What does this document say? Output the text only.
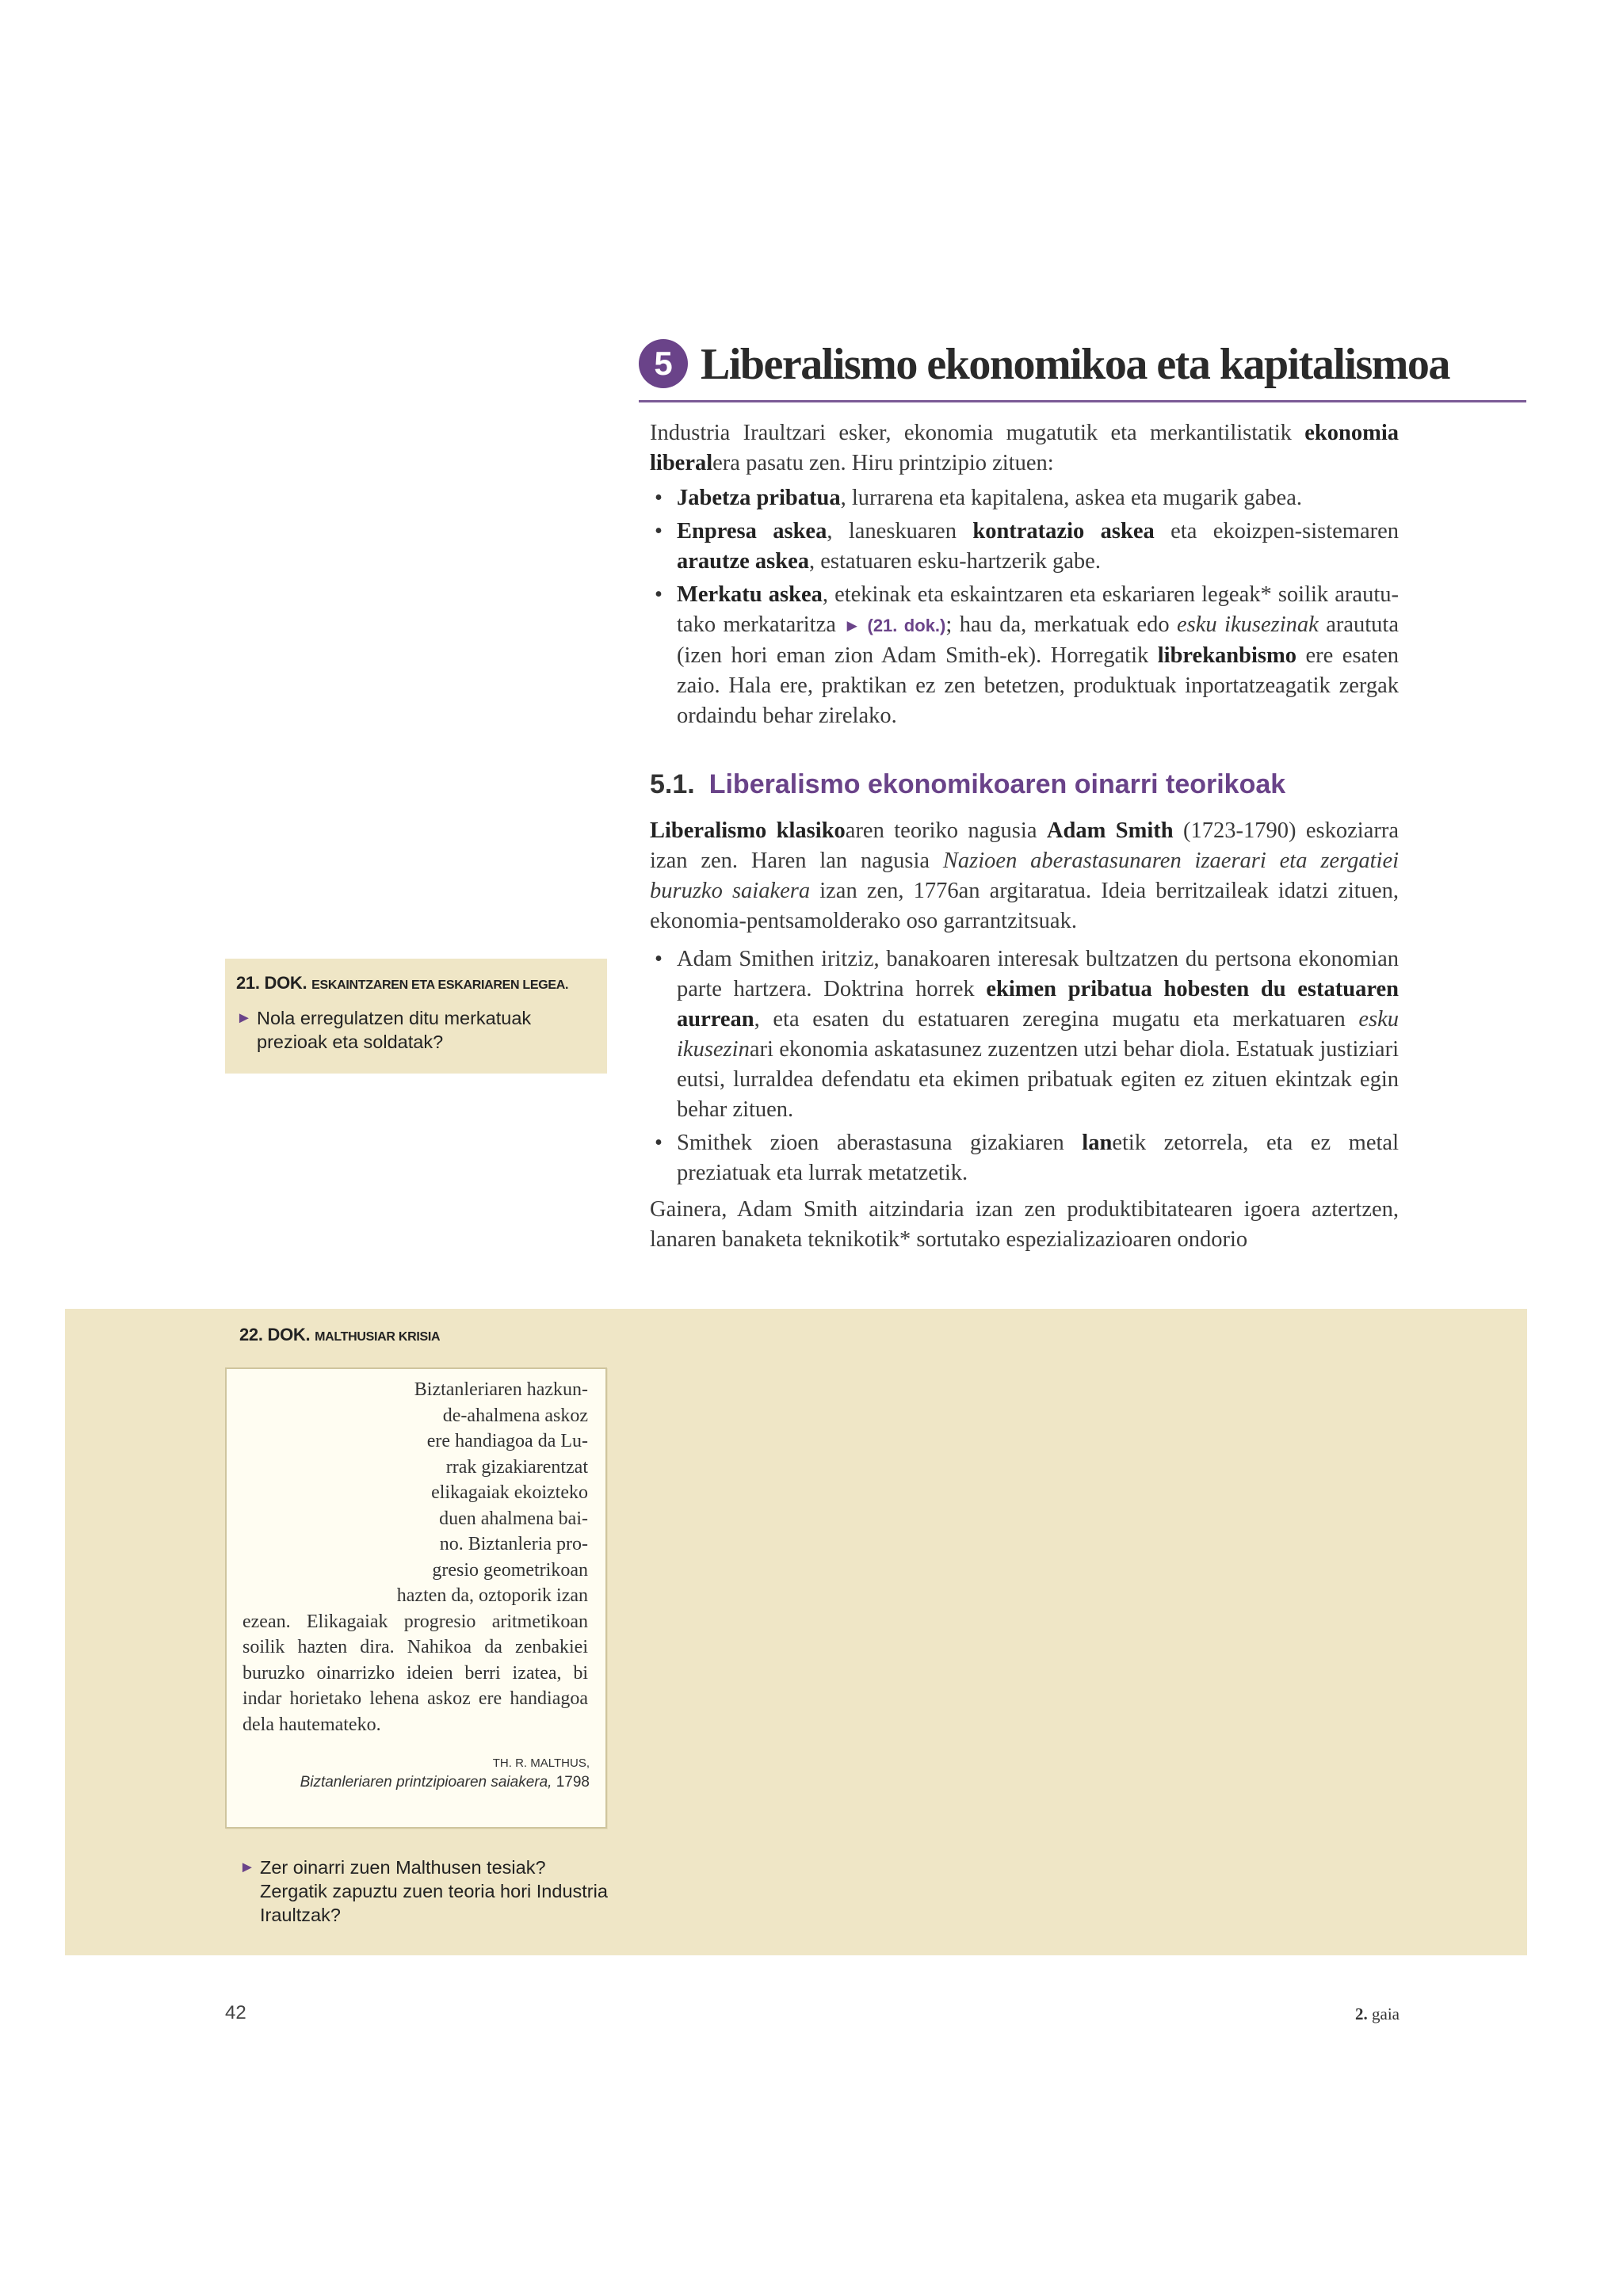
5 Liberalismo ekonomikoa eta kapitalismoa

Industria Iraultzari esker, ekonomia mugatutik eta merkantilistatik ekonomia liberalera pasatu zen. Hiru printzipio zituen:

• Jabetza pribatua, lurrarena eta kapitalena, askea eta mugarik gabea.
• Enpresa askea, laneskuaren kontratazio askea eta ekoizpen-sistemaren arautze askea, estatuaren esku-hartzerik gabe.
• Merkatu askea, etekinak eta eskaintzaren eta eskariaren legeak* soilik araututako merkataritza ► (21. dok.); hau da, merkatuak edo esku ikusezinak araututa (izen hori eman zion Adam Smith-ek). Horregatik librekanbismo ere esaten zaio. Hala ere, praktikan ez zen betetzen, produktuak inportatzeagatik zergak ordaindu behar zirelako.
5.1. Liberalismo ekonomikoaren oinarri teorikoak

Liberalismo klasikoaren teoriko nagusia Adam Smith (1723-1790) eskoziarra izan zen. Haren lan nagusia Nazioen aberastasunaren izaerari eta zergatiei buruzko saiakera izan zen, 1776an argitaratua. Ideia berritzaileak idatzi zituen, ekonomia-pentsamolderako oso garrantzitsuak.

• Adam Smithen iritziz, banakoaren interesak bultzatzen du pertsona ekonomian parte hartzera. Doktrina horrek ekimen pribatua hobesten du estatuaren aurrean, eta esaten du estatuaren zeregina mugatu eta merkatuaren esku ikusezinari ekonomia askatasunez zuzentzen utzi behar diola. Estatuak justiziari eutsi, lurraldea defendatu eta ekimen pribatuak egiten ez zituen ekintzak egin behar zituen.
• Smithek zioen aberastasuna gizakiaren lanetik zetorrela, eta ez metal preziatuak eta lurrak metatzetik.

Gainera, Adam Smith aitzindaria izan zen produktibitatearen igoera aztertzen, lanaren banaketa teknikotik* sortutako espezializazioaren ondorio

21. DOK. ESKAINTZAREN ETA ESKARIAREN LEGEA.
► Nola erregulatzen ditu merkatuak prezioak eta soldatak?
22. DOK. MALTHUSIAR KRISIA
Biztanleriaren hazkun-
de-ahalmena askoz
ere handiagoa da Lu-
rrak gizakiarentzat
elikagaiak ekoizteko
duen ahalmena bai-
no. Biztanleria pro-
gresio geometrikoan
hazten da, oztoporik izan
ezean. Elikagaiak progresio aritmetikoan soilik hazten dira. Nahikoa da zenbakiei buruzko oinarrizko ideien berri izatea, bi indar horietako lehena askoz ere handiagoa dela hautemateko.
TH. R. MALTHUS,
Biztanleriaren printzipioaren saiakera, 1798
► Zer oinarri zuen Malthusen tesiak? Zergatik zapuztu zuen teoria hori Industria Iraultzak?
42	2. gaia
